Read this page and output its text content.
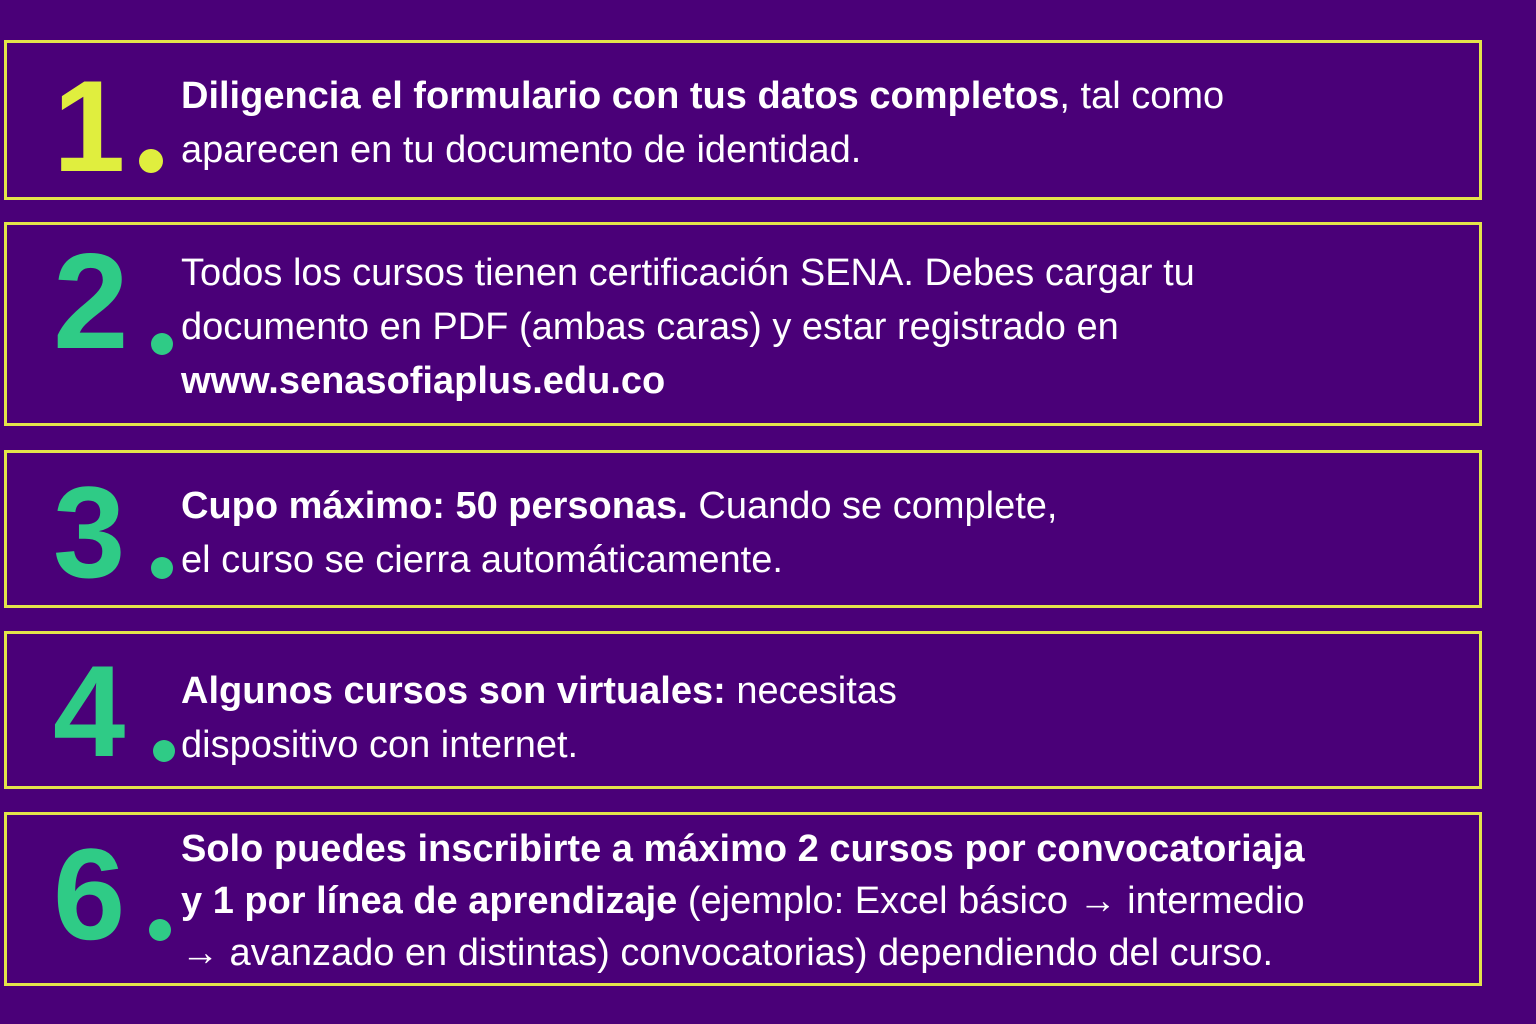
1 Diligencia el formulario con tus datos completos, tal como aparecen en tu documento de identidad.
2 Todos los cursos tienen certificación SENA. Debes cargar tu
documento en PDF (ambas caras) y estar registrado en
www.senasofiaplus.edu.co
3 Cupo máximo: 50 personas. Cuando se complete, el curso se cierra automáticamente.
4 Algunos cursos son virtuales: necesitas dispositivo con internet.
6 Solo puedes inscribirte a máximo 2 cursos por convocatoriaja
y 1 por línea de aprendizaje (ejemplo: Excel básico → intermedio
→ avanzado en distintas) convocatorias) dependiendo del curso.
